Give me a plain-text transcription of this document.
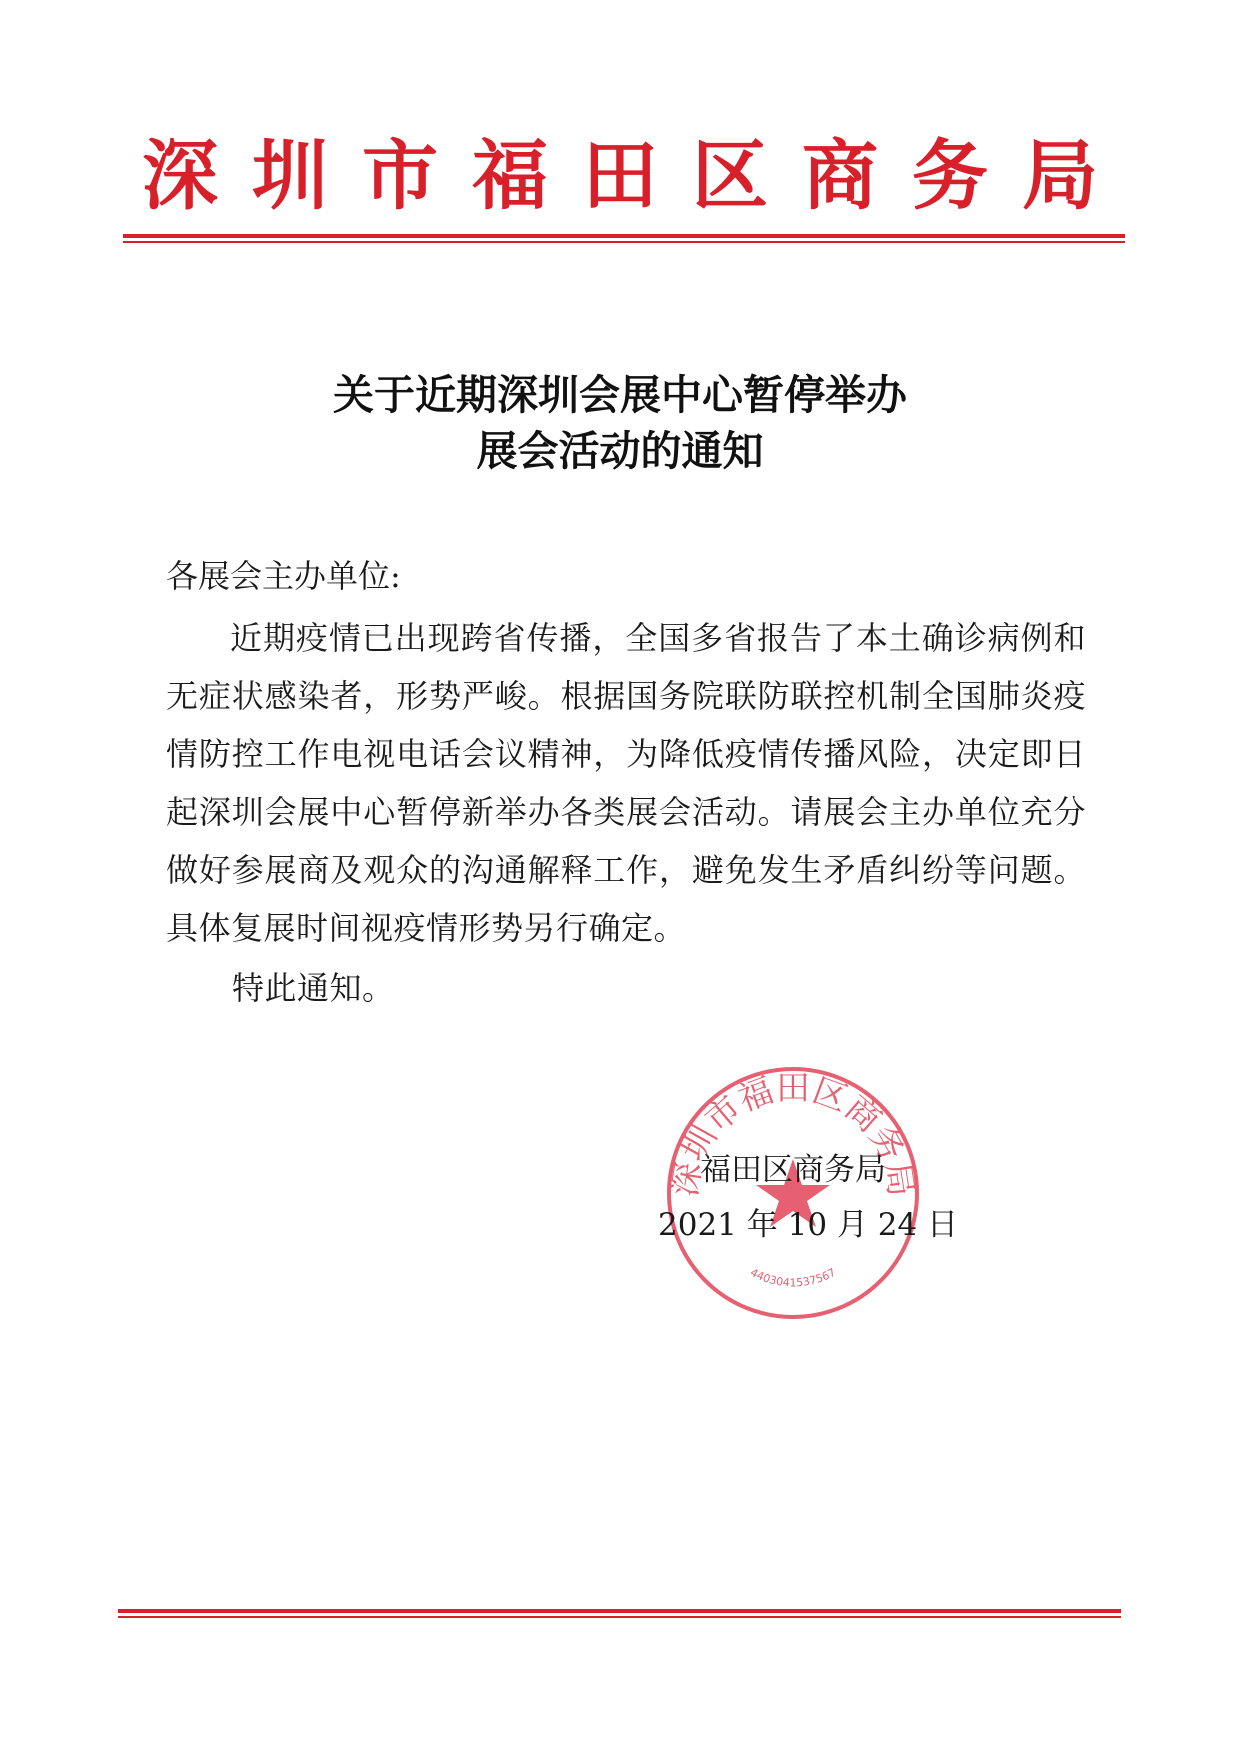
深圳市福田区商务局
关于近期深圳会展中心暂停举办
展会活动的通知
各展会主办单位:
近期疫情已出现跨省传播，全国多省报告了本土确诊病例和无症状感染者，形势严峻。根据国务院联防联控机制全国肺炎疫情防控工作电视电话会议精神，为降低疫情传播风险，决定即日起深圳会展中心暂停新举办各类展会活动。请展会主办单位充分做好参展商及观众的沟通解释工作，避免发生矛盾纠纷等问题。具体复展时间视疫情形势另行确定。
特此通知。
深圳市福田区商务局
4403041537567
福田区商务局
2021 年 10 月 24 日
